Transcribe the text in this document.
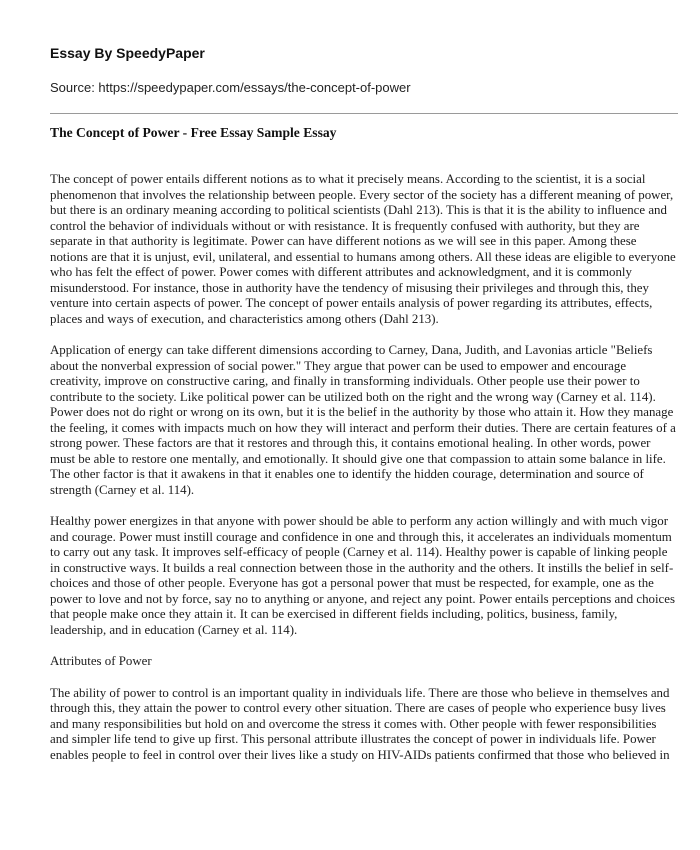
Essay By SpeedyPaper

Source: https://speedypaper.com/essays/the-concept-of-power

The Concept of Power - Free Essay Sample Essay

The concept of power entails different notions as to what it precisely means. According to the scientist, it is a social phenomenon that involves the relationship between people. Every sector of the society has a different meaning of power, but there is an ordinary meaning according to political scientists (Dahl 213). This is that it is the ability to influence and control the behavior of individuals without or with resistance. It is frequently confused with authority, but they are separate in that authority is legitimate. Power can have different notions as we will see in this paper. Among these notions are that it is unjust, evil, unilateral, and essential to humans among others. All these ideas are eligible to everyone who has felt the effect of power. Power comes with different attributes and acknowledgment, and it is commonly misunderstood. For instance, those in authority have the tendency of misusing their privileges and through this, they venture into certain aspects of power. The concept of power entails analysis of power regarding its attributes, effects, places and ways of execution, and characteristics among others (Dahl 213).

Application of energy can take different dimensions according to Carney, Dana, Judith, and Lavonias article "Beliefs about the nonverbal expression of social power." They argue that power can be used to empower and encourage creativity, improve on constructive caring, and finally in transforming individuals. Other people use their power to contribute to the society. Like political power can be utilized both on the right and the wrong way (Carney et al. 114). Power does not do right or wrong on its own, but it is the belief in the authority by those who attain it. How they manage the feeling, it comes with impacts much on how they will interact and perform their duties. There are certain features of a strong power. These factors are that it restores and through this, it contains emotional healing. In other words, power must be able to restore one mentally, and emotionally. It should give one that compassion to attain some balance in life. The other factor is that it awakens in that it enables one to identify the hidden courage, determination and source of strength (Carney et al. 114).

Healthy power energizes in that anyone with power should be able to perform any action willingly and with much vigor and courage. Power must instill courage and confidence in one and through this, it accelerates an individuals momentum to carry out any task. It improves self-efficacy of people (Carney et al. 114). Healthy power is capable of linking people in constructive ways. It builds a real connection between those in the authority and the others. It instills the belief in self-choices and those of other people. Everyone has got a personal power that must be respected, for example, one as the power to love and not by force, say no to anything or anyone, and reject any point. Power entails perceptions and choices that people make once they attain it. It can be exercised in different fields including, politics, business, family, leadership, and in education (Carney et al. 114).

Attributes of Power

The ability of power to control is an important quality in individuals life. There are those who believe in themselves and through this, they attain the power to control every other situation. There are cases of people who experience busy lives and many responsibilities but hold on and overcome the stress it comes with. Other people with fewer responsibilities and simpler life tend to give up first. This personal attribute illustrates the concept of power in individuals life. Power enables people to feel in control over their lives like a study on HIV-AIDs patients confirmed that those who believed in
